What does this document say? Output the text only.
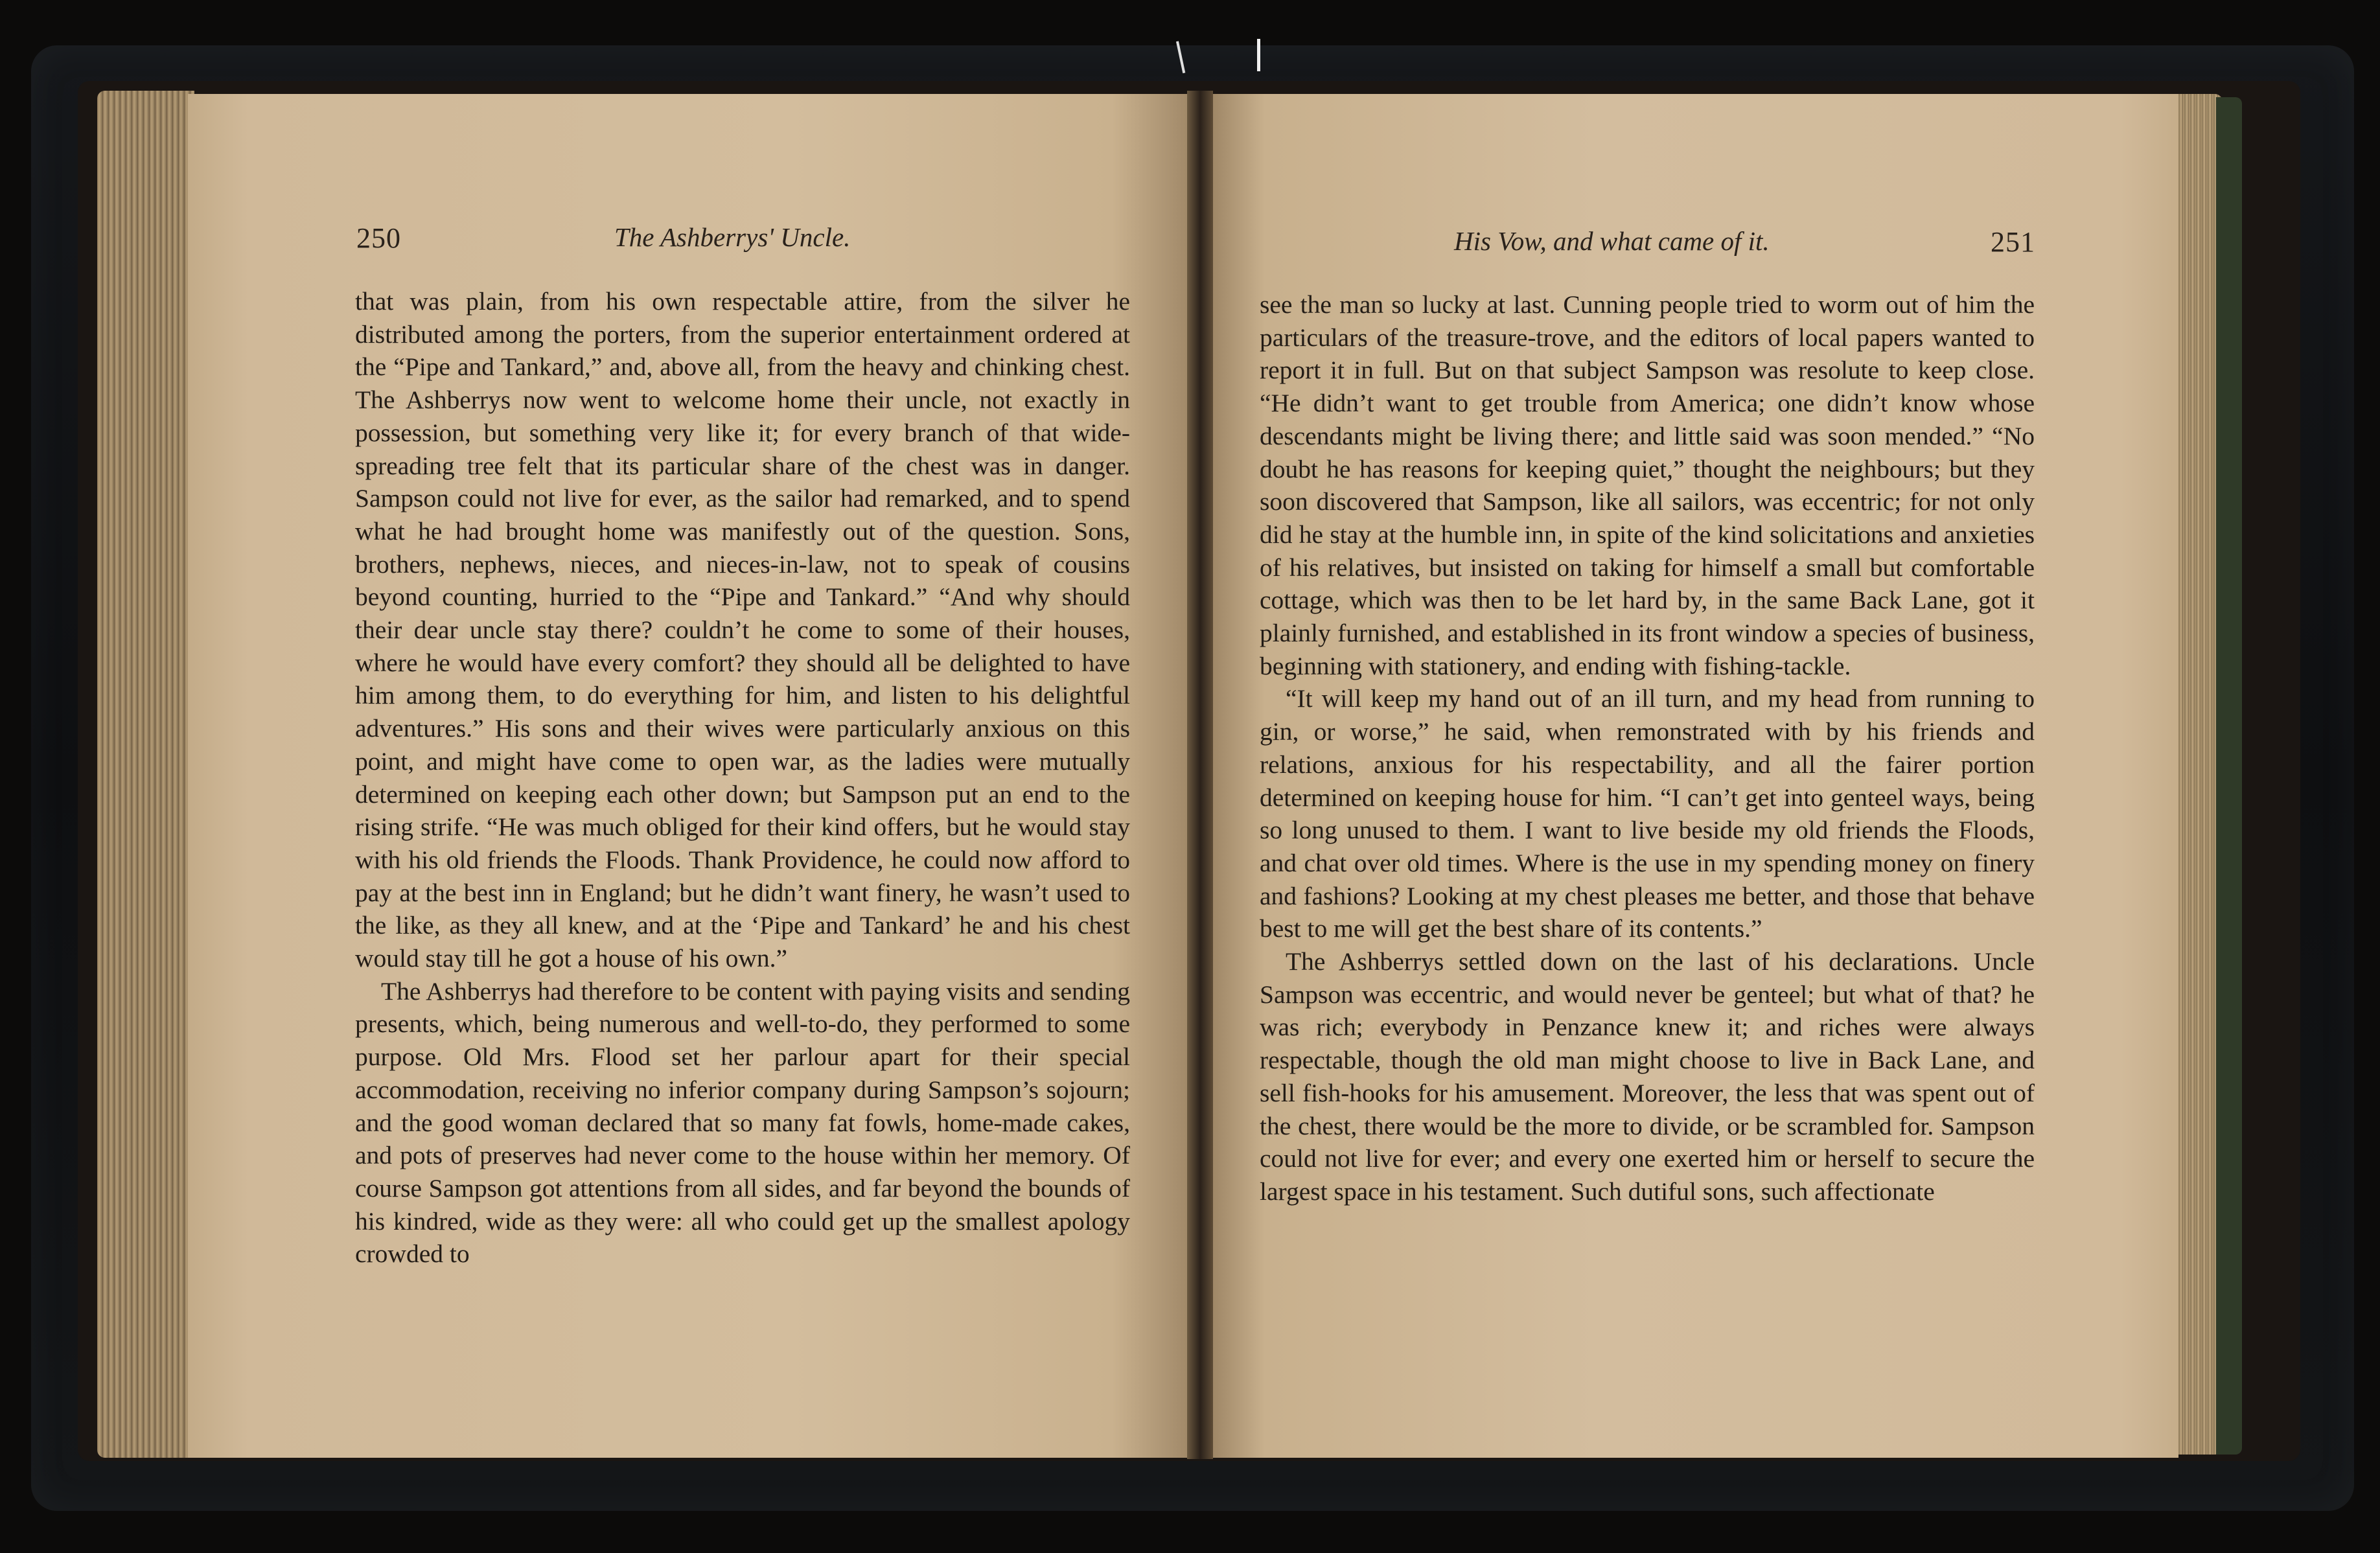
250	The Ashberrys' Uncle.	His Vow, and what came of it.	251

that was plain, from his own respectable attire, from the silver he distributed among the porters, from the superior entertainment ordered at the “Pipe and Tankard,” and, above all, from the heavy and chinking chest. The Ashberrys now went to welcome home their uncle, not exactly in possession, but something very like it; for every branch of that wide-spreading tree felt that its particular share of the chest was in danger. Sampson could not live for ever, as the sailor had remarked, and to spend what he had brought home was manifestly out of the question. Sons, brothers, nephews, nieces, and nieces-in-law, not to speak of cousins beyond counting, hurried to the “Pipe and Tankard.” “And why should their dear uncle stay there? couldn’t he come to some of their houses, where he would have every comfort? they should all be delighted to have him among them, to do everything for him, and listen to his delightful adventures.” His sons and their wives were particularly anxious on this point, and might have come to open war, as the ladies were mutually determined on keeping each other down; but Sampson put an end to the rising strife. “He was much obliged for their kind offers, but he would stay with his old friends the Floods. Thank Providence, he could now afford to pay at the best inn in England; but he didn’t want finery, he wasn’t used to the like, as they all knew, and at the ‘Pipe and Tankard’ he and his chest would stay till he got a house of his own.”

The Ashberrys had therefore to be content with paying visits and sending presents, which, being numerous and well-to-do, they performed to some purpose. Old Mrs. Flood set her parlour apart for their special accommodation, receiving no inferior company during Sampson’s sojourn; and the good woman declared that so many fat fowls, home-made cakes, and pots of preserves had never come to the house within her memory. Of course Sampson got attentions from all sides, and far beyond the bounds of his kindred, wide as they were: all who could get up the smallest apology crowded to

see the man so lucky at last. Cunning people tried to worm out of him the particulars of the treasure-trove, and the editors of local papers wanted to report it in full. But on that subject Sampson was resolute to keep close. “He didn’t want to get trouble from America; one didn’t know whose descendants might be living there; and little said was soon mended.” “No doubt he has reasons for keeping quiet,” thought the neighbours; but they soon discovered that Sampson, like all sailors, was eccentric; for not only did he stay at the humble inn, in spite of the kind solicitations and anxieties of his relatives, but insisted on taking for himself a small but comfortable cottage, which was then to be let hard by, in the same Back Lane, got it plainly furnished, and established in its front window a species of business, beginning with stationery, and ending with fishing-tackle.

“It will keep my hand out of an ill turn, and my head from running to gin, or worse,” he said, when remonstrated with by his friends and relations, anxious for his respectability, and all the fairer portion determined on keeping house for him. “I can’t get into genteel ways, being so long unused to them. I want to live beside my old friends the Floods, and chat over old times. Where is the use in my spending money on finery and fashions? Looking at my chest pleases me better, and those that behave best to me will get the best share of its contents.”

The Ashberrys settled down on the last of his declarations. Uncle Sampson was eccentric, and would never be genteel; but what of that? he was rich; everybody in Penzance knew it; and riches were always respectable, though the old man might choose to live in Back Lane, and sell fish-hooks for his amusement. Moreover, the less that was spent out of the chest, there would be the more to divide, or be scrambled for. Sampson could not live for ever; and every one exerted him or herself to secure the largest space in his testament. Such dutiful sons, such affectionate
